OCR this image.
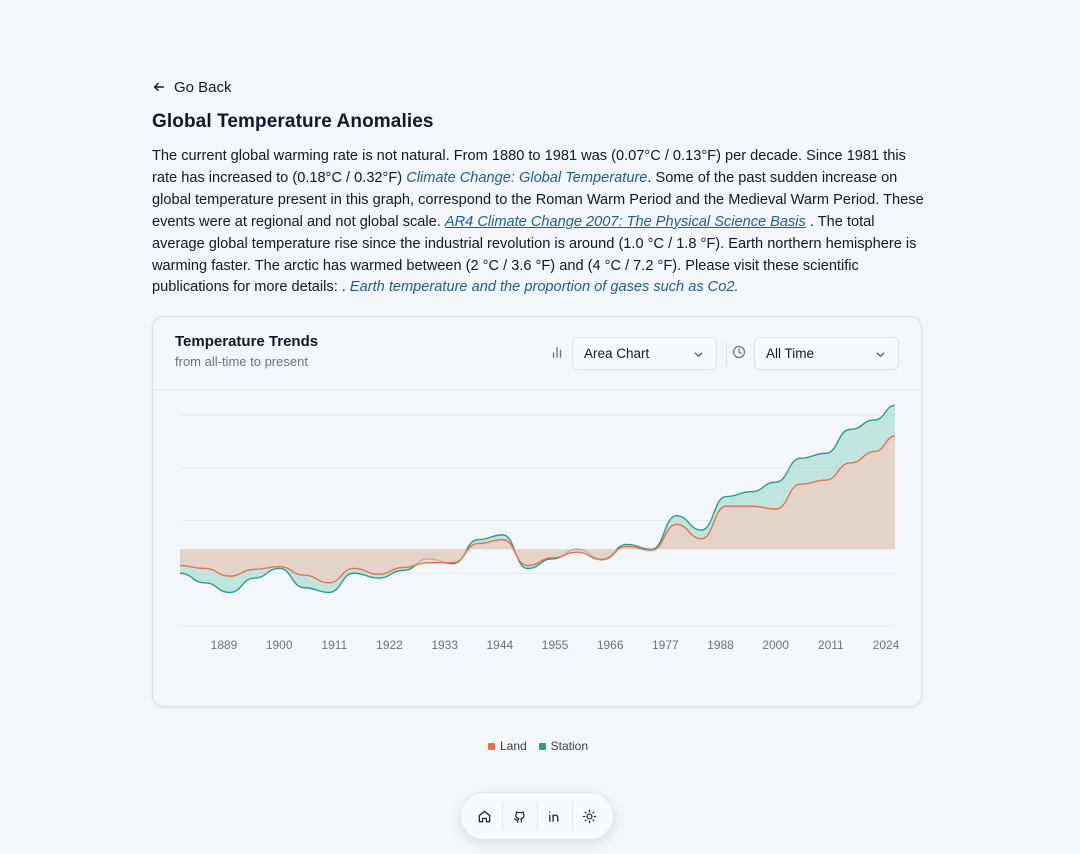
Go Back
Global Temperature Anomalies

The current global warming rate is not natural. From 1880 to 1981 was (0.07°C / 0.13°F) per decade. Since 1981 this rate has increased to (0.18°C / 0.32°F) Climate Change: Global Temperature. Some of the past sudden increase on global temperature present in this graph, correspond to the Roman Warm Period and the Medieval Warm Period. These events were at regional and not global scale. AR4 Climate Change 2007: The Physical Science Basis . The total average global temperature rise since the industrial revolution is around (1.0 °C / 1.8 °F). Earth northern hemisphere is warming faster. The arctic has warmed between (2 °C / 3.6 °F) and (4 °C / 7.2 °F). Please visit these scientific publications for more details: . Earth temperature and the proportion of gases such as Co2.

Temperature Trends
from all-time to present
Area Chart	All Time
1889 1900 1911 1922 1933 1944 1955 1966 1977 1988 2000 2011 2024
Land Station
